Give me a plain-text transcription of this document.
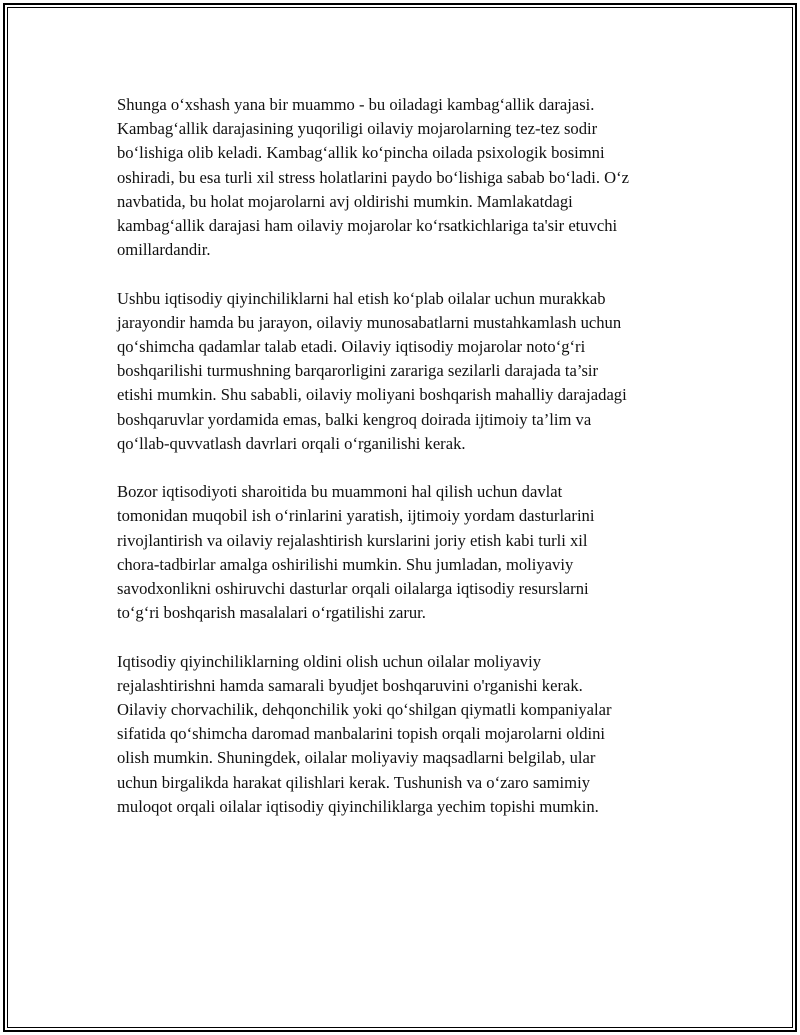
Shunga o‘xshash yana bir muammo - bu oiladagi kambag‘allik darajasi.
Kambag‘allik darajasining yuqoriligi oilaviy mojarolarning tez-tez sodir
bo‘lishiga olib keladi. Kambag‘allik ko‘pincha oilada psixologik bosimni
oshiradi, bu esa turli xil stress holatlarini paydo bo‘lishiga sabab bo‘ladi. O‘z
navbatida, bu holat mojarolarni avj oldirishi mumkin. Mamlakatdagi
kambag‘allik darajasi ham oilaviy mojarolar ko‘rsatkichlariga ta'sir etuvchi
omillardandir.

Ushbu iqtisodiy qiyinchiliklarni hal etish ko‘plab oilalar uchun murakkab
jarayondir hamda bu jarayon, oilaviy munosabatlarni mustahkamlash uchun
qo‘shimcha qadamlar talab etadi. Oilaviy iqtisodiy mojarolar noto‘g‘ri
boshqarilishi turmushning barqarorligini zarariga sezilarli darajada ta’sir
etishi mumkin. Shu sababli, oilaviy moliyani boshqarish mahalliy darajadagi
boshqaruvlar yordamida emas, balki kengroq doirada ijtimoiy ta’lim va
qo‘llab-quvvatlash davrlari orqali o‘rganilishi kerak.

Bozor iqtisodiyoti sharoitida bu muammoni hal qilish uchun davlat
tomonidan muqobil ish o‘rinlarini yaratish, ijtimoiy yordam dasturlarini
rivojlantirish va oilaviy rejalashtirish kurslarini joriy etish kabi turli xil
chora-tadbirlar amalga oshirilishi mumkin. Shu jumladan, moliyaviy
savodxonlikni oshiruvchi dasturlar orqali oilalarga iqtisodiy resurslarni
to‘g‘ri boshqarish masalalari o‘rgatilishi zarur.

Iqtisodiy qiyinchiliklarning oldini olish uchun oilalar moliyaviy
rejalashtirishni hamda samarali byudjet boshqaruvini o'rganishi kerak.
Oilaviy chorvachilik, dehqonchilik yoki qo‘shilgan qiymatli kompaniyalar
sifatida qo‘shimcha daromad manbalarini topish orqali mojarolarni oldini
olish mumkin. Shuningdek, oilalar moliyaviy maqsadlarni belgilab, ular
uchun birgalikda harakat qilishlari kerak. Tushunish va o‘zaro samimiy
muloqot orqali oilalar iqtisodiy qiyinchiliklarga yechim topishi mumkin.
